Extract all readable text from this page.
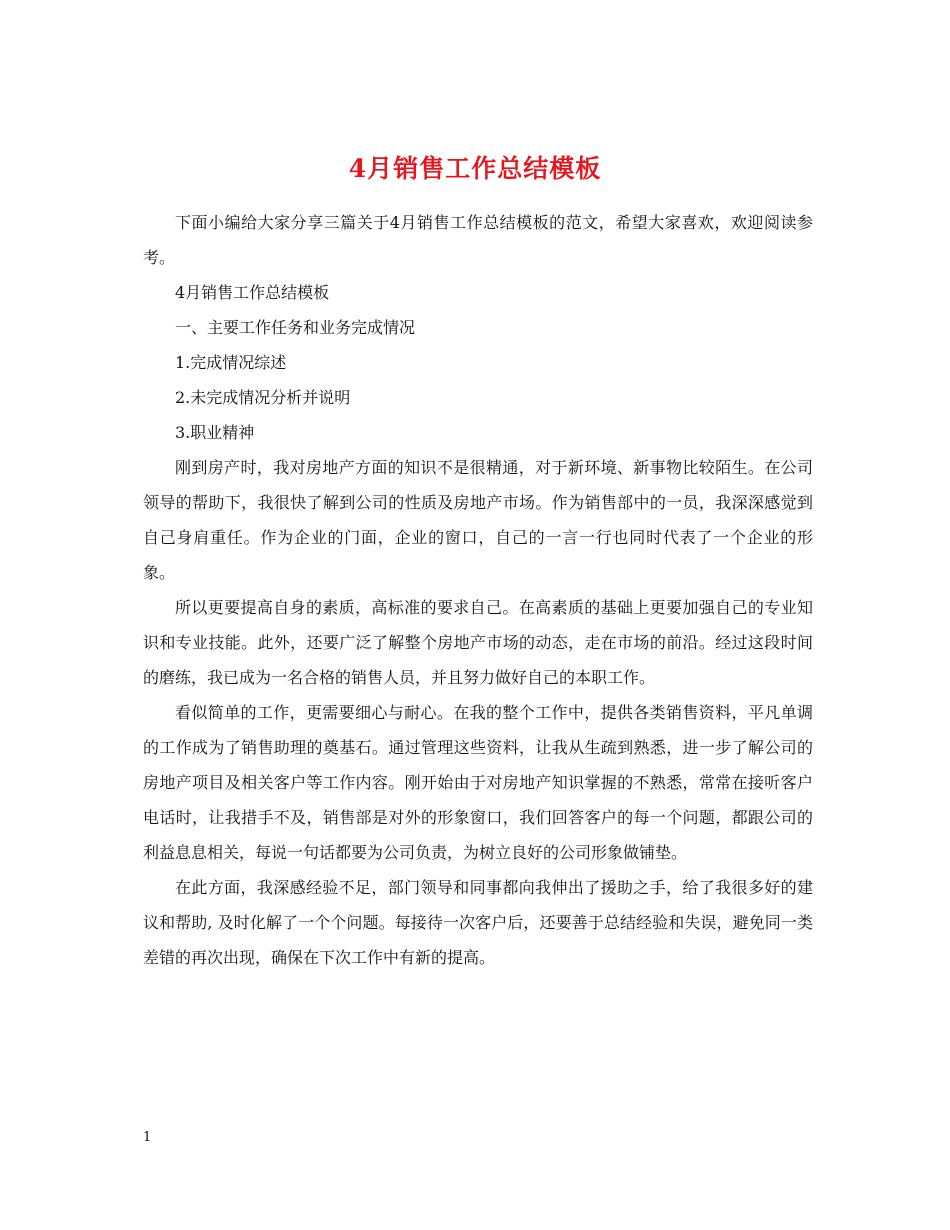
4月销售工作总结模板

下面小编给大家分享三篇关于4月销售工作总结模板的范文，希望大家喜欢，欢迎阅读参考。

4月销售工作总结模板

一、主要工作任务和业务完成情况

1.完成情况综述

2.未完成情况分析并说明

3.职业精神

刚到房产时，我对房地产方面的知识不是很精通，对于新环境、新事物比较陌生。在公司领导的帮助下，我很快了解到公司的性质及房地产市场。作为销售部中的一员，我深深感觉到自己身肩重任。作为企业的门面，企业的窗口，自己的一言一行也同时代表了一个企业的形象。

所以更要提高自身的素质，高标准的要求自己。在高素质的基础上更要加强自己的专业知识和专业技能。此外，还要广泛了解整个房地产市场的动态，走在市场的前沿。经过这段时间的磨练，我已成为一名合格的销售人员，并且努力做好自己的本职工作。

看似简单的工作，更需要细心与耐心。在我的整个工作中，提供各类销售资料，平凡单调的工作成为了销售助理的奠基石。通过管理这些资料，让我从生疏到熟悉，进一步了解公司的房地产项目及相关客户等工作内容。刚开始由于对房地产知识掌握的不熟悉，常常在接听客户电话时，让我措手不及，销售部是对外的形象窗口，我们回答客户的每一个问题，都跟公司的利益息息相关，每说一句话都要为公司负责，为树立良好的公司形象做铺垫。

在此方面，我深感经验不足，部门领导和同事都向我伸出了援助之手，给了我很多好的建议和帮助, 及时化解了一个个问题。每接待一次客户后，还要善于总结经验和失误，避免同一类差错的再次出现，确保在下次工作中有新的提高。

1
